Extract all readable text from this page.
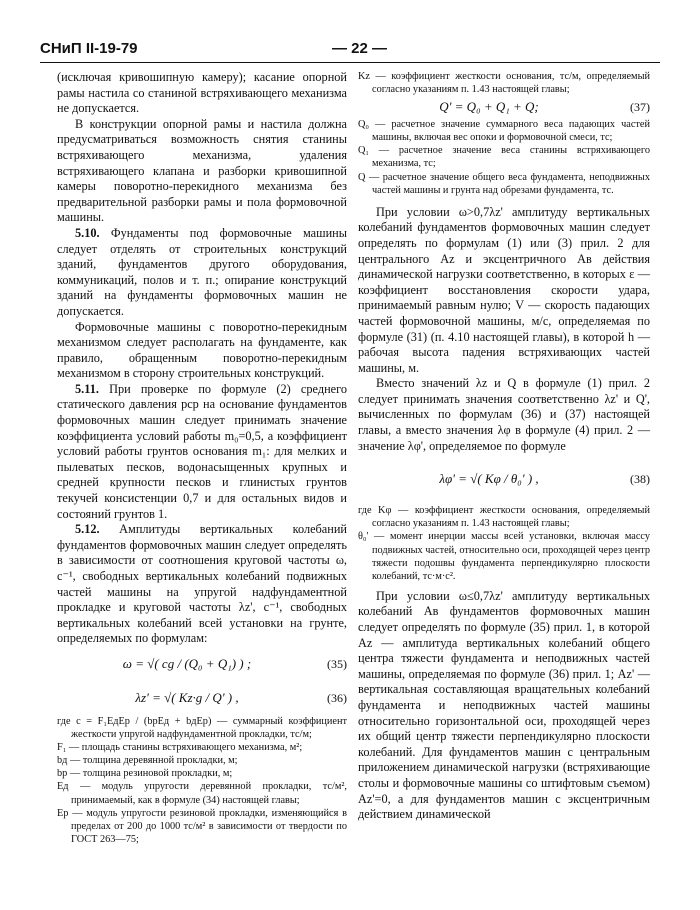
СНиП II-19-79	— 22 —

(исключая кривошипную камеру); касание опорной рамы настила со станиной встряхивающего механизма не допускается.

В конструкции опорной рамы и настила должна предусматриваться возможность снятия станины встряхивающего механизма, удаления встряхивающего клапана и разборки кривошипной камеры поворотно-перекидного механизма без предварительной разборки рамы и пола формовочной машины.

5.10. Фундаменты под формовочные машины следует отделять от строительных конструкций зданий, фундаментов другого оборудования, коммуникаций, полов и т. п.; опирание конструкций зданий на фундаменты формовочных машин не допускается.

Формовочные машины с поворотно-перекидным механизмом следует располагать на фундаменте, как правило, обращенным поворотно-перекидным механизмом в сторону строительных конструкций.

5.11. При проверке по формуле (2) среднего статического давления pср на основание фундаментов формовочных машин следует принимать значение коэффициента условий работы m₀=0,5, а коэффициент условий работы грунтов основания m₁: для мелких и пылеватых песков, водонасыщенных крупных и средней крупности песков и глинистых грунтов текучей консистенции 0,7 и для остальных видов и состояний грунтов 1.

5.12. Амплитуды вертикальных колебаний фундаментов формовочных машин следует определять в зависимости от соотношения круговой частоты ω, с⁻¹, свободных вертикальных колебаний подвижных частей машины на упругой надфундаментной прокладке и круговой частоты λz', с⁻¹, свободных вертикальных колебаний всей установки на грунте, определяемых по формулам:

ω = √( cg / (Q₀ + Q₁) ) ;	(35)
λz' = √( Kz·g / Q' ) ,	(36)

где c = F₁EдEр / (bрEд + bдEр) — суммарный коэффициент жесткости упругой надфундаментной прокладки, тс/м;

F₁ — площадь станины встряхивающего механизма, м²;

bд — толщина деревянной прокладки, м;

bр — толщина резиновой прокладки, м;

Eд — модуль упругости деревянной прокладки, тс/м², принимаемый, как в формуле (34) настоящей главы;

Eр — модуль упругости резиновой прокладки, изменяющийся в пределах от 200 до 1000 тс/м² в зависимости от твердости по ГОСТ 263—75;

Kz — коэффициент жесткости основания, тс/м, определяемый согласно указаниям п. 1.43 настоящей главы;

Q' = Q₀ + Q₁ + Q;	(37)

Q₀ — расчетное значение суммарного веса падающих частей машины, включая вес опоки и формовочной смеси, тс;

Q₁ — расчетное значение веса станины встряхивающего механизма, тс;

Q — расчетное значение общего веса фундамента, неподвижных частей машины и грунта над обрезами фундамента, тс.

При условии ω>0,7λz' амплитуду вертикальных колебаний фундаментов формовочных машин следует определять по формулам (1) или (3) прил. 2 для центрального Az и эксцентричного Aв действия динамической нагрузки соответственно, в которых ε — коэффициент восстановления скорости удара, принимаемый равным нулю; V — скорость падающих частей формовочной машины, м/с, определяемая по формуле (31) (п. 4.10 настоящей главы), в которой h — рабочая высота падения встряхивающих частей машины, м.

Вместо значений λz и Q в формуле (1) прил. 2 следует принимать значения соответственно λz' и Q', вычисленных по формулам (36) и (37) настоящей главы, а вместо значения λφ в формуле (4) прил. 2 — значение λφ', определяемое по формуле

λφ' = √( Kφ / θ₀' ) ,	(38)

где Kφ — коэффициент жесткости основания, определяемый согласно указаниям п. 1.43 настоящей главы;

θ₀' — момент инерции массы всей установки, включая массу подвижных частей, относительно оси, проходящей через центр тяжести подошвы фундамента перпендикулярно плоскости колебаний, тс·м·с².

При условии ω≤0,7λz' амплитуду вертикальных колебаний Aв фундаментов формовочных машин следует определять по формуле (35) прил. 1, в которой Az — амплитуда вертикальных колебаний общего центра тяжести фундамента и неподвижных частей машины, определяемая по формуле (36) прил. 1; Az' — вертикальная составляющая вращательных колебаний фундамента и неподвижных частей машины относительно горизонтальной оси, проходящей через их общий центр тяжести перпендикулярно плоскости колебаний. Для фундаментов машин с центральным приложением динамической нагрузки (встряхивающие столы и формовочные машины со штифтовым съемом) Az'=0, а для фундаментов машин с эксцентричным действием динамической
